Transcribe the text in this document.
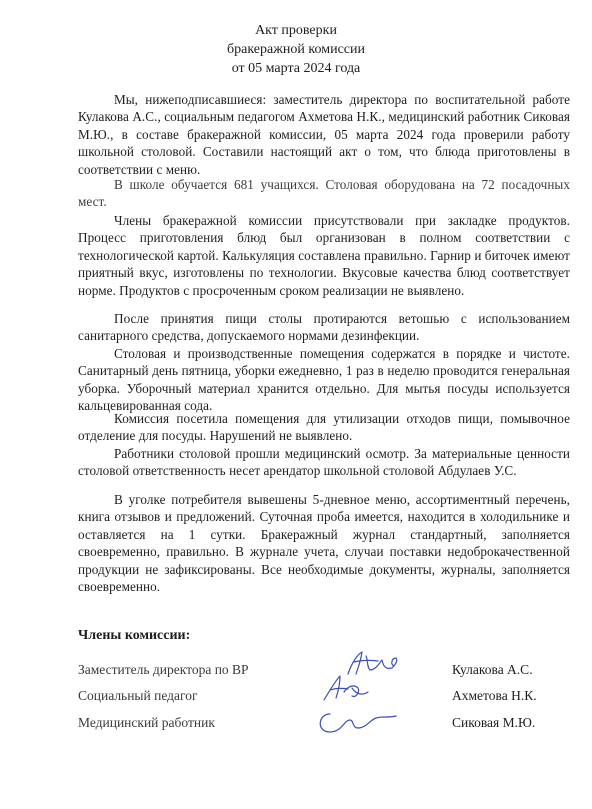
Акт проверки
бракеражной комиссии
от 05 марта 2024 года

Мы, нижеподписавшиеся: заместитель директора по воспитательной работе Кулакова А.С., социальным педагогом Ахметова Н.К., медицинский работник Сиковая М.Ю., в составе бракеражной комиссии, 05 марта 2024 года проверили работу школьной столовой. Составили настоящий акт о том, что блюда приготовлены в соответствии с меню.

В школе обучается 681 учащихся. Столовая оборудована на 72 посадочных мест.

Члены бракеражной комиссии присутствовали при закладке продуктов. Процесс приготовления блюд был организован в полном соответствии с технологической картой. Калькуляция составлена правильно. Гарнир и биточек имеют приятный вкус, изготовлены по технологии. Вкусовые качества блюд соответствует норме. Продуктов с просроченным сроком реализации не выявлено.

После принятия пищи столы протираются ветошью с использованием санитарного средства, допускаемого нормами дезинфекции.

Столовая и производственные помещения содержатся в порядке и чистоте. Санитарный день пятница, уборки ежедневно, 1 раз в неделю проводится генеральная уборка. Уборочный материал хранится отдельно. Для мытья посуды используется кальцевированная сода.

Комиссия посетила помещения для утилизации отходов пищи, помывочное отделение для посуды. Нарушений не выявлено.

Работники столовой прошли медицинский осмотр. За материальные ценности столовой ответственность несет арендатор школьной столовой Абдулаев У.С.

В уголке потребителя вывешены 5-дневное меню, ассортиментный перечень, книга отзывов и предложений. Суточная проба имеется, находится в холодильнике и оставляется на 1 сутки. Бракеражный журнал стандартный, заполняется своевременно, правильно. В журнале учета, случаи поставки недоброкачественной продукции не зафиксированы. Все необходимые документы, журналы, заполняется своевременно.

Члены комиссии:
Заместитель директора по ВР	Кулакова А.С.
Социальный педагог	Ахметова Н.К.
Медицинский работник	Сиковая М.Ю.
